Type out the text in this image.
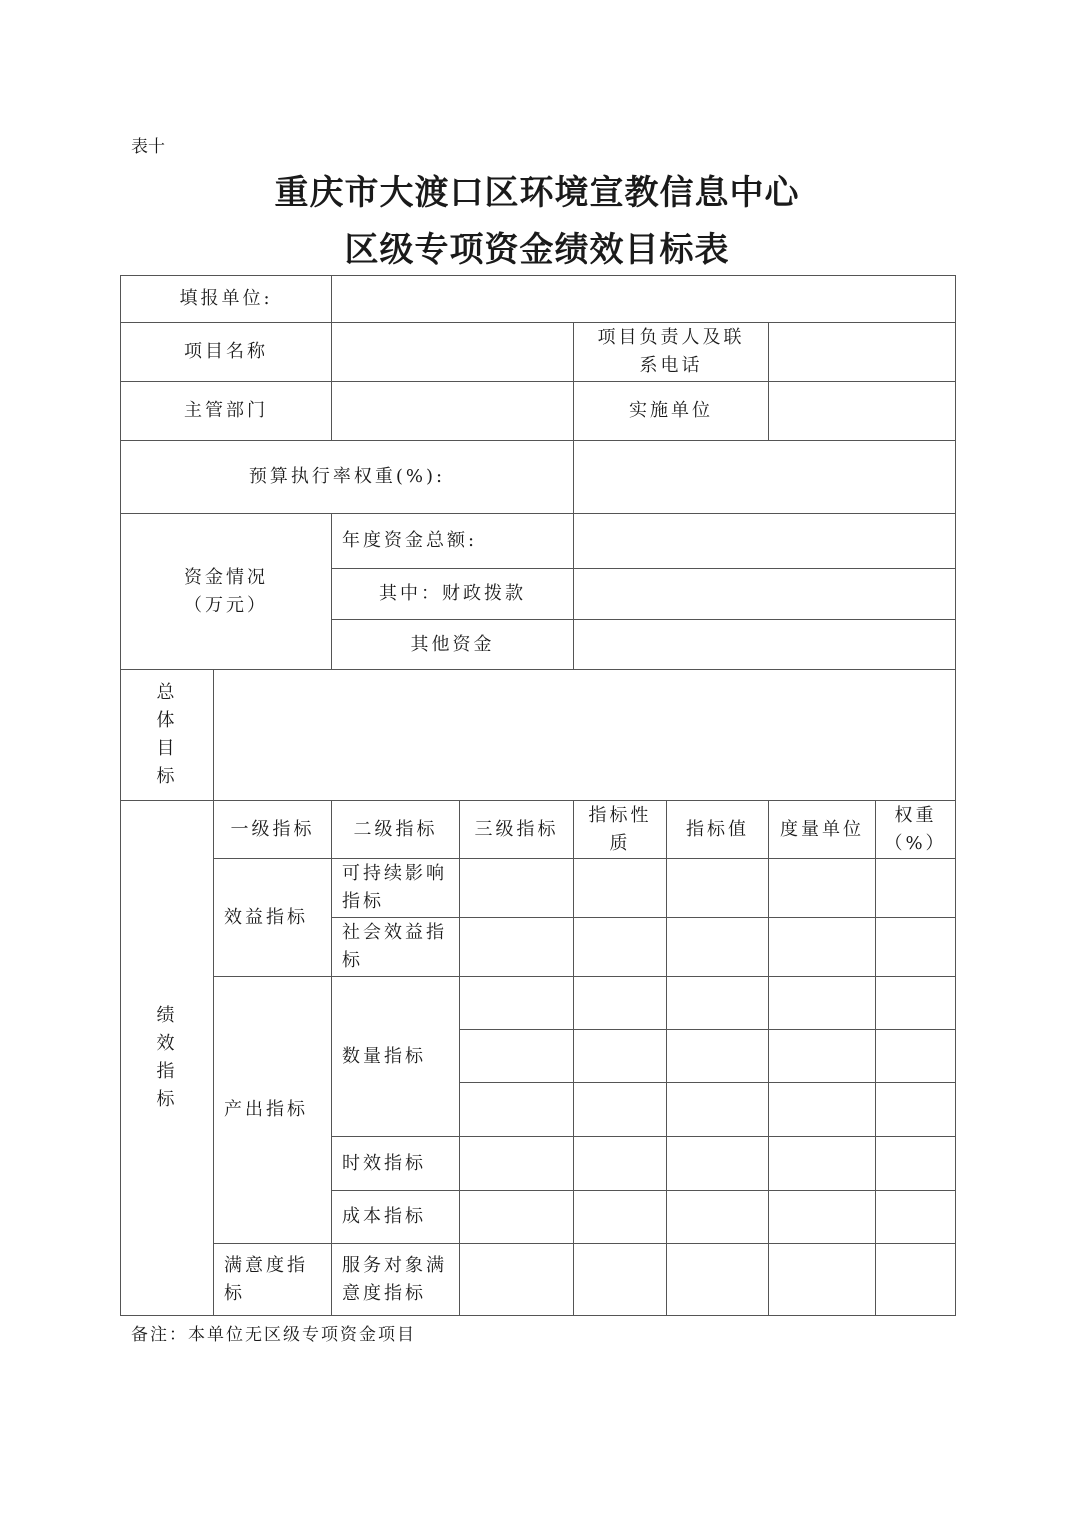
表十
重庆市大渡口区环境宣教信息中心
区级专项资金绩效目标表
填报单位:
项目名称
项目负责人及联系电话
主管部门	实施单位
预算执行率权重(%):
资金情况
（万元）
年度资金总额:
其中：财政拨款
其他资金
总
体
目
标
绩
效
指
标
一级指标 二级指标 三级指标
指标性质
指标值 度量单位
权重（%）
效益指标
可持续影响指标
社会效益指标
产出指标
数量指标
时效指标
成本指标
满意度指标
服务对象满意度指标
备注：本单位无区级专项资金项目
